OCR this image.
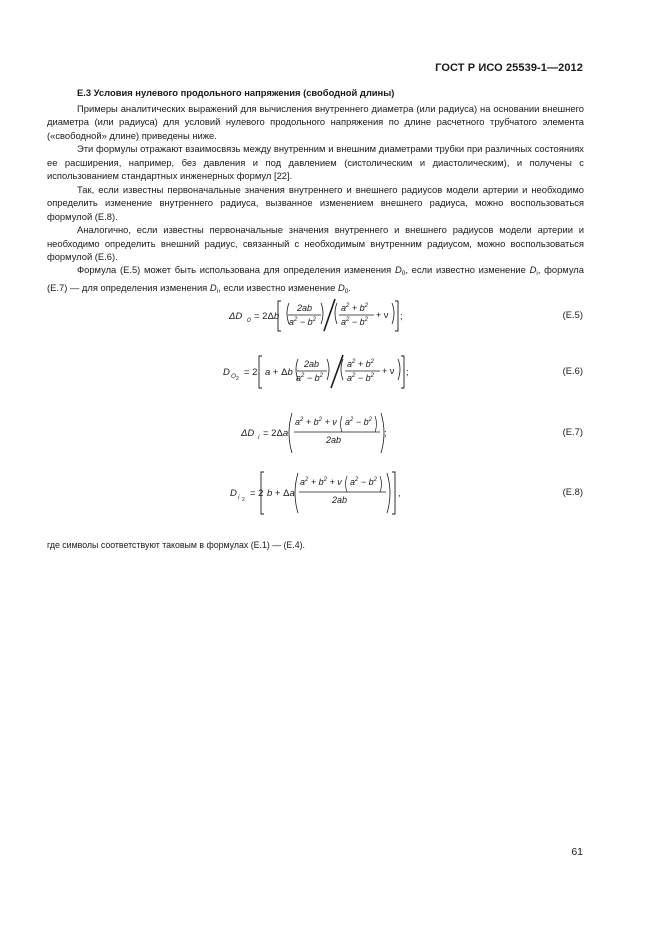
ГОСТ Р ИСО 25539-1—2012
Е.3 Условия нулевого продольного напряжения (свободной длины)

Примеры аналитических выражений для вычисления внутреннего диаметра (или радиуса) на основании внешнего диаметра (или радиуса) для условий нулевого продольного напряжения по длине расчетного трубчатого элемента («свободной» длине) приведены ниже.

Эти формулы отражают взаимосвязь между внутренним и внешним диаметрами трубки при различных состояниях ее расширения, например, без давления и под давлением (систолическим и диастолическим), и получены с использованием стандартных инженерных формул [22].

Так, если известны первоначальные значения внутреннего и внешнего радиусов модели артерии и необходимо определить изменение внутреннего радиуса, вызванное изменением внешнего радиуса, можно воспользоваться формулой (Е.8).

Аналогично, если известны первоначальные значения внутреннего и внешнего радиусов модели артерии и необходимо определить внешний радиус, связанный с необходимым внутренним радиусом, можно воспользоваться формулой (Е.6).

Формула (Е.5) может быть использована для определения изменения $D_0$, если известно изменение $D_i$, формула (Е.7) — для определения изменения $D_i$, если известно изменение $D_0$.

ΔD 0 = 2Δb
2ab
$a^2 - b^2$
$a^2 + b^2$
$a^2 - b^2 + \nu$ ;	(Е.5)
D O 2
= 2 a + Δb
2ab
$a^2 - b^2$
$a^2 + b^2$
$a^2 - b^2 + \nu$ ;	(Е.6)
ΔD i = 2Δa
$a^2 + b^2 + \nu$ $a^2 - b^2$
2ab
;	(Е.7)
D i 2
= 2 b + Δa
$a^2 + b^2 + \nu$ $a^2 - b^2$
2ab
,	(Е.8)
где символы соответствуют таковым в формулах (Е.1) — (Е.4).
61
